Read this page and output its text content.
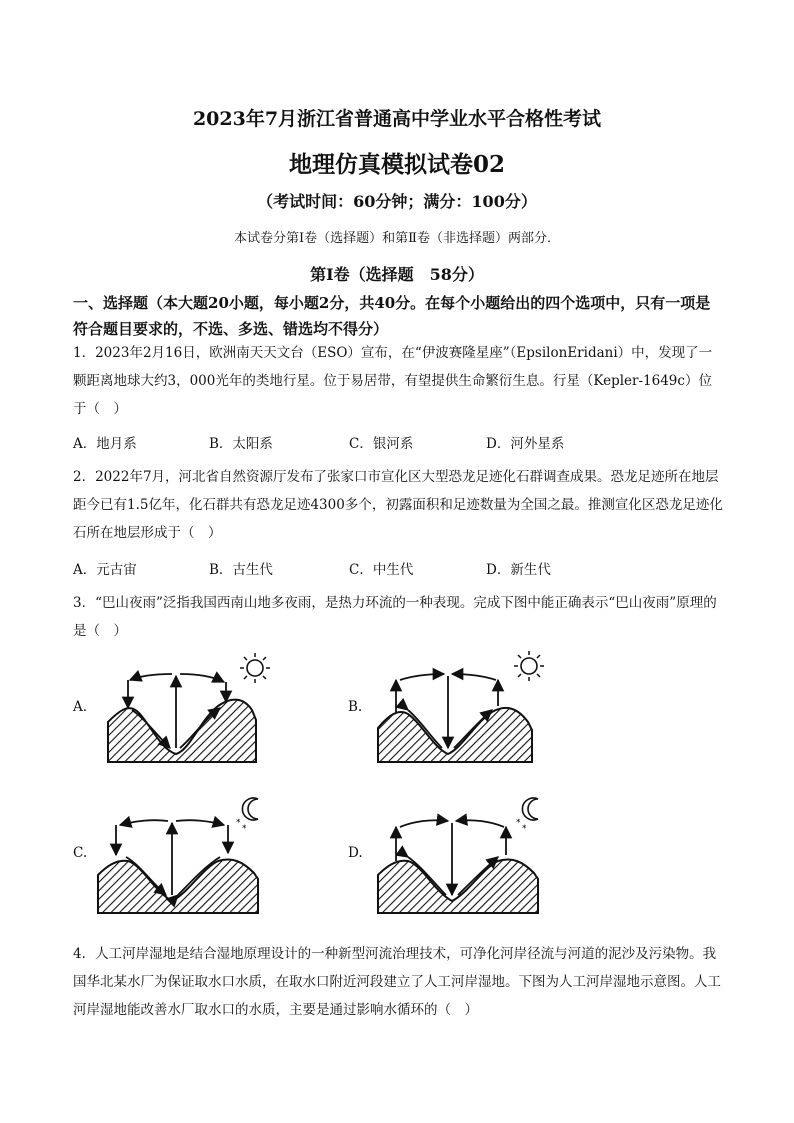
2023年7月浙江省普通高中学业水平合格性考试
地理仿真模拟试卷02
（考试时间：60分钟；满分：100分）
本试卷分第Ⅰ卷（选择题）和第Ⅱ卷（非选择题）两部分．
第Ⅰ卷（选择题　58分）
一、选择题（本大题20小题，每小题2分，共40分。在每个小题给出的四个选项中，只有一项是符合题目要求的，不选、多选、错选均不得分）
1．2023年2月16日，欧洲南天天文台（ESO）宣布，在“伊波赛隆星座”（EpsilonEridani）中，发现了一颗距离地球大约3，000光年的类地行星。位于易居带，有望提供生命繁衍生息。行星（Kepler-1649c）位于（　）
A．地月系	B．太阳系	C．银河系	D．河外星系
2．2022年7月，河北省自然资源厅发布了张家口市宣化区大型恐龙足迹化石群调查成果。恐龙足迹所在地层距今已有1.5亿年，化石群共有恐龙足迹4300多个，初露面积和足迹数量为全国之最。推测宣化区恐龙足迹化石所在地层形成于（　）
A．元古宙	B．古生代	C．中生代	D．新生代
3．“巴山夜雨”泛指我国西南山地多夜雨，是热力环流的一种表现。完成下图中能正确表示“巴山夜雨”原理的是（　）
A.	B.
C.	D.
*
*
*
*
4．人工河岸湿地是结合湿地原理设计的一种新型河流治理技术，可净化河岸径流与河道的泥沙及污染物。我国华北某水厂为保证取水口水质，在取水口附近河段建立了人工河岸湿地。下图为人工河岸湿地示意图。人工河岸湿地能改善水厂取水口的水质，主要是通过影响水循环的（　）
